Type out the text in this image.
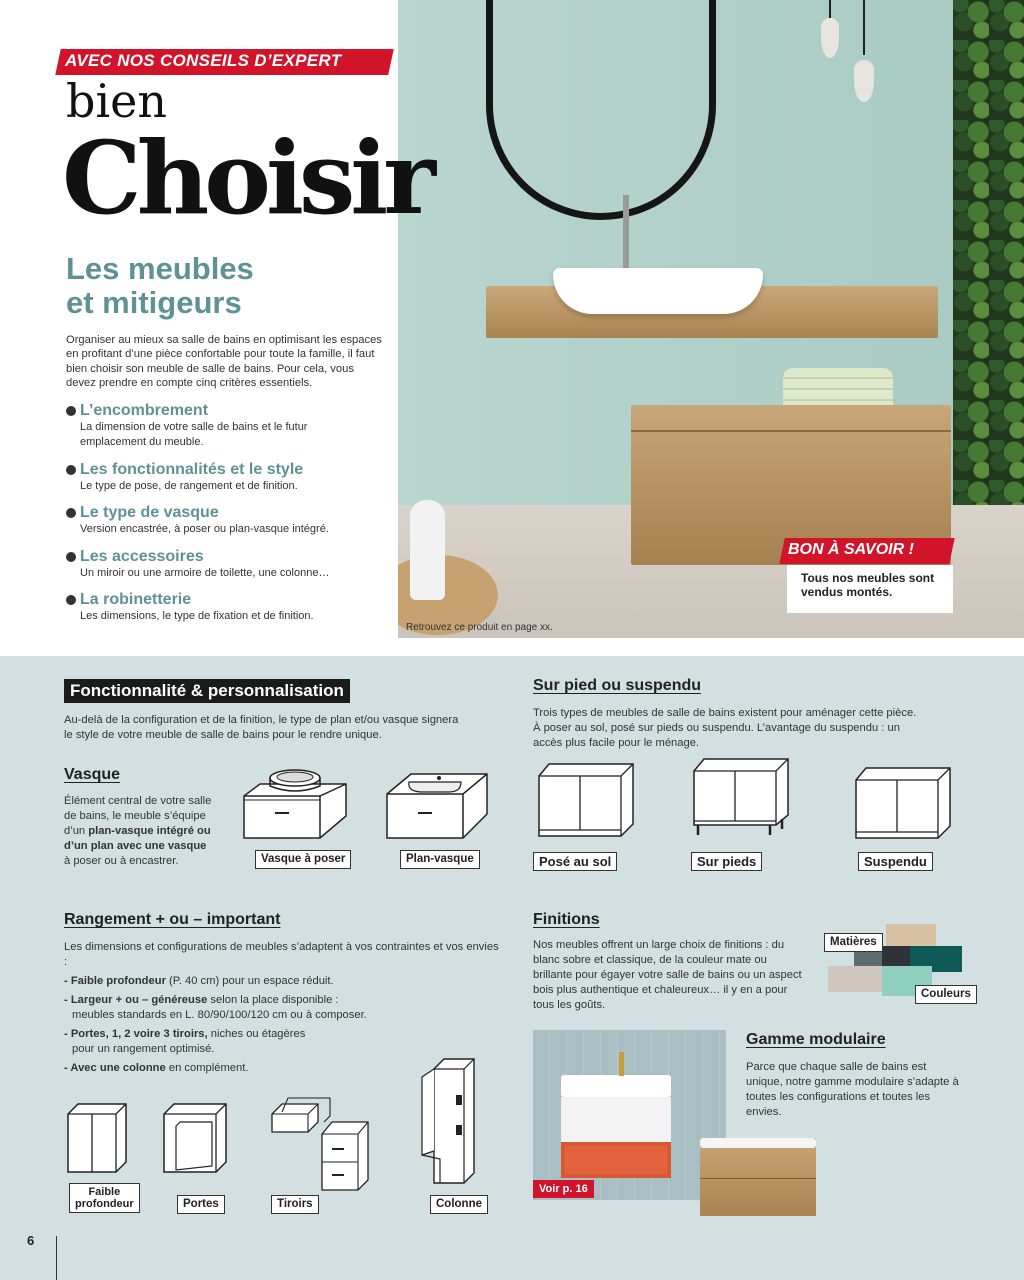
Retrouvez ce produit en page xx.
AVEC NOS CONSEILS D’EXPERT
bien
Choisir
Les meubles
et mitigeurs
Organiser au mieux sa salle de bains en optimisant les espaces en profitant d’une pièce confortable pour toute la famille, il faut bien choisir son meuble de salle de bains. Pour cela, vous devez prendre en compte cinq critères essentiels.
L’encombrement
La dimension de votre salle de bains et le futur emplacement du meuble.
Les fonctionnalités et le style
Le type de pose, de rangement et de finition.
Le type de vasque
Version encastrée, à poser ou plan-vasque intégré.
Les accessoires
Un miroir ou une armoire de toilette, une colonne…
La robinetterie
Les dimensions, le type de fixation et de finition.
BON À SAVOIR !
Tous nos meubles sont vendus montés.
Fonctionnalité & personnalisation
Au-delà de la configuration et de la finition, le type de plan et/ou vasque signera le style de votre meuble de salle de bains pour le rendre unique.
Vasque
Élément central de votre salle de bains, le meuble s’équipe d’un plan-vasque intégré ou d’un plan avec une vasque à poser ou à encastrer.	Vasque à poser	Plan-vasque
Sur pied ou suspendu
Trois types de meubles de salle de bains existent pour aménager cette pièce. À poser au sol, posé sur pieds ou suspendu. L’avantage du suspendu : un accès plus facile pour le ménage.
Posé au sol	Sur pieds	Suspendu
Rangement + ou – important
Les dimensions et configurations de meubles s’adaptent à vos contraintes et vos envies :
- Faible profondeur (P. 40 cm) pour un espace réduit.
- Largeur + ou – généreuse selon la place disponible :
meubles standards en L. 80/90/100/120 cm ou à composer.
- Portes, 1, 2 voire 3 tiroirs, niches ou étagères
pour un rangement optimisé.
- Avec une colonne en complément.
Faible
profondeur	Portes	Tiroirs	Colonne
Finitions
Nos meubles offrent un large choix de finitions : du blanc sobre et classique, de la couleur mate ou brillante pour égayer votre salle de bains ou un aspect bois plus authentique et chaleureux… il y en a pour tous les goûts.
Matières
Couleurs
Voir p. 16
Gamme modulaire
Parce que chaque salle de bains est unique, notre gamme modulaire s’adapte à toutes les configurations et toutes les envies.
6
